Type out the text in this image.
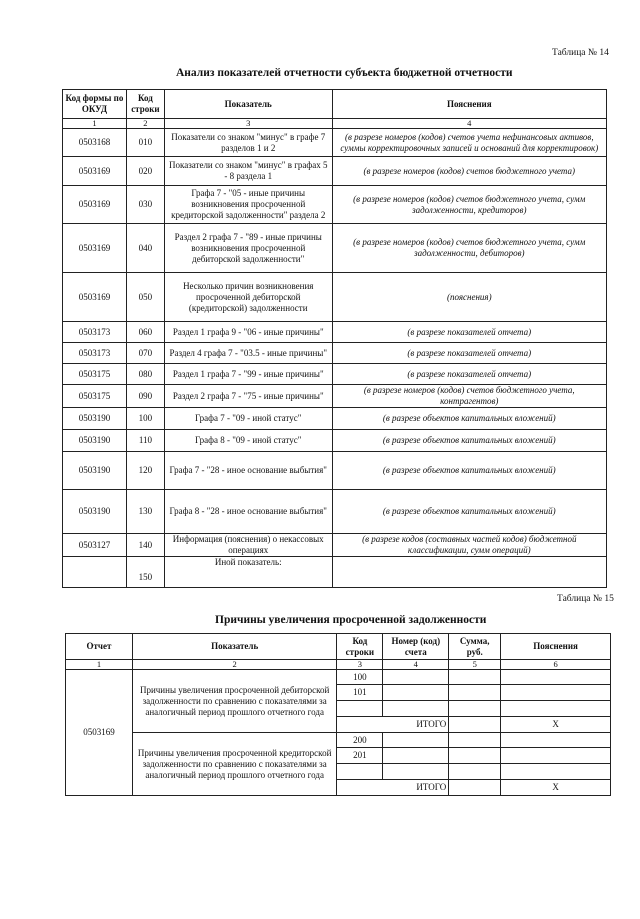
Таблица № 14
Анализ показателей отчетности субъекта бюджетной отчетности
Код формы по ОКУД	Код строки	Показатель	Пояснения
1	2	3	4
0503168	010	Показатели со знаком "минус" в графе 7 разделов 1 и 2	(в разрезе номеров (кодов) счетов учета нефинансовых активов, суммы корректировочных записей и оснований для корректировок)
0503169	020	Показатели со знаком "минус" в графах 5 - 8 раздела 1	(в разрезе номеров (кодов) счетов бюджетного учета)
0503169	030	Графа 7 - "05 - иные причины возникновения просроченной кредиторской задолженности" раздела 2	(в разрезе номеров (кодов) счетов бюджетного учета, сумм задолженности, кредиторов)
0503169	040	Раздел 2 графа 7 - "89 - иные причины возникновения просроченной дебиторской задолженности"	(в разрезе номеров (кодов) счетов бюджетного учета, сумм задолженности, дебиторов)
0503169	050	Несколько причин возникновения просроченной дебиторской (кредиторской) задолженности	(пояснения)
0503173	060	Раздел 1 графа 9 - "06 - иные причины"	(в разрезе показателей отчета)
0503173	070	Раздел 4 графа 7 - "03.5 - иные причины"	(в разрезе показателей отчета)
0503175	080	Раздел 1 графа 7 - "99 - иные причины"	(в разрезе показателей отчета)
0503175	090	Раздел 2 графа 7 - "75 - иные причины"	(в разрезе номеров (кодов) счетов бюджетного учета, контрагентов)
0503190	100	Графа 7 - "09 - иной статус"	(в разрезе объектов капитальных вложений)
0503190	110	Графа 8 - "09 - иной статус"	(в разрезе объектов капитальных вложений)
0503190	120	Графа 7 - "28 - иное основание выбытия"	(в разрезе объектов капитальных вложений)
0503190	130	Графа 8 - "28 - иное основание выбытия"	(в разрезе объектов капитальных вложений)
0503127	140	Информация (пояснения) о некассовых операциях	(в разрезе кодов (составных частей кодов) бюджетной классификации, сумм операций)
	150	Иной показатель:	
Таблица № 15
Причины увеличения просроченной задолженности
Отчет	Показатель	Код строки	Номер (код) счета	Сумма, руб.	Пояснения
1	2	3	4	5	6
0503169	Причины увеличения просроченной дебиторской задолженности по сравнению с показателями за аналогичный период прошлого отчетного года	100			
		101			

		ИТОГО			X
	Причины увеличения просроченной кредиторской задолженности по сравнению с показателями за аналогичный период прошлого отчетного года	200			
		201			

		ИТОГО			X
